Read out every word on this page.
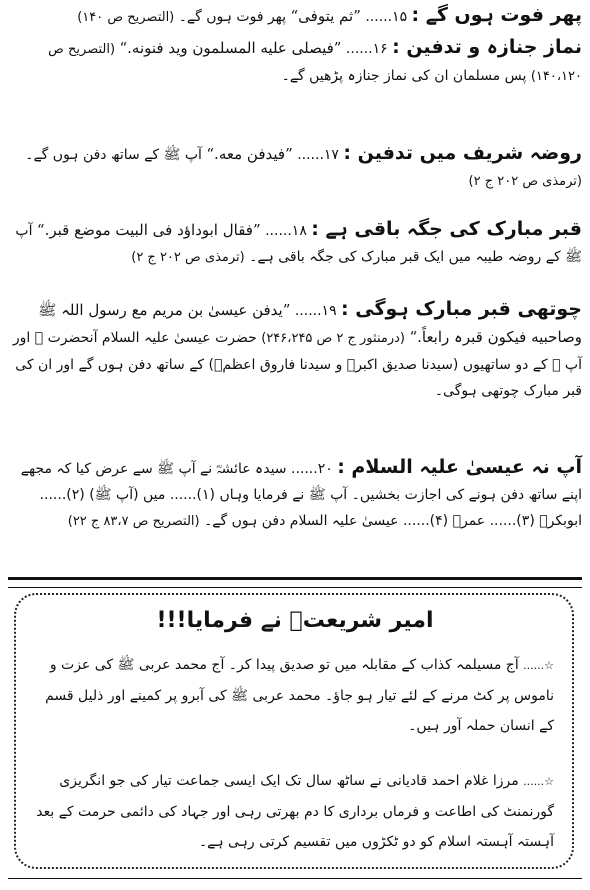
پھر فوت ہوں گے : ۱۵...... ”ثم یتوفی“ پھر فوت ہوں گے۔ (التصریح ص ۱۴۰)

نماز جنازہ و تدفین : ۱۶...... ”فیصلی علیه المسلمون ويد فنونه.“ (التصریح ص ۱۴۰،۱۲۰) پس مسلمان ان کی نماز جنازہ پڑھیں گے۔

روضہ شریف میں تدفین : ۱۷...... ”فيدفن معه.“ آپ ﷺ کے ساتھ دفن ہوں گے۔ (ترمذی ص ۲۰۲ ج ۲)

قبر مبارک کی جگہ باقی ہے : ۱۸...... ”فقال ابوداؤد فی البیت موضع قبر.“ آپ ﷺ کے روضہ طیبہ میں ایک قبر مبارک کی جگہ باقی ہے۔ (ترمذی ص ۲۰۲ ج ۲)

چوتھی قبر مبارک ہوگی : ۱۹...... ”یدفن عیسیٰ بن مریم مع رسول اللہ ﷺ وصاحبیه فیکون قبرہ رابعاً.“ (درمنثور ج ۲ ص ۲۴۶،۲۴۵) حضرت عیسیٰ علیہ السلام آنحضرت ﷺ اور آپ ﷺ کے دو ساتھیوں (سیدنا صدیق اکبرؓ و سیدنا فاروق اعظمؓ) کے ساتھ دفن ہوں گے اور ان کی قبر مبارک چوتھی ہوگی۔

آپ نہ عیسیٰ علیہ السلام : ۲۰...... سیدہ عائشہؓ نے آپ ﷺ سے عرض کیا کہ مجھے اپنے ساتھ دفن ہونے کی اجازت بخشیں۔ آپ ﷺ نے فرمایا وہاں (۱)...... میں (آپ ﷺ) (۲)...... ابوبکرؓ (۳)...... عمرؓ (۴)...... عیسیٰ علیہ السلام دفن ہوں گے۔ (التصریح ص ۸۳،۷ ج ۲۲)

امیر شریعتؒ نے فرمایا!!!
☆...... آج مسیلمہ کذاب کے مقابلہ میں تو صدیق پیدا کر۔ آج محمد عربی ﷺ کی عزت و ناموس پر کٹ مرنے کے لئے تیار ہو جاؤ۔ محمد عربی ﷺ کی آبرو پر کمینے اور ذلیل قسم کے انسان حملہ آور ہیں۔
☆...... مرزا غلام احمد قادیانی نے ساٹھ سال تک ایک ایسی جماعت تیار کی جو انگریزی گورنمنٹ کی اطاعت و فرماں برداری کا دم بھرتی رہی اور جہاد کی دائمی حرمت کے بعد آہستہ آہستہ اسلام کو دو ٹکڑوں میں تقسیم کرتی رہی ہے۔
